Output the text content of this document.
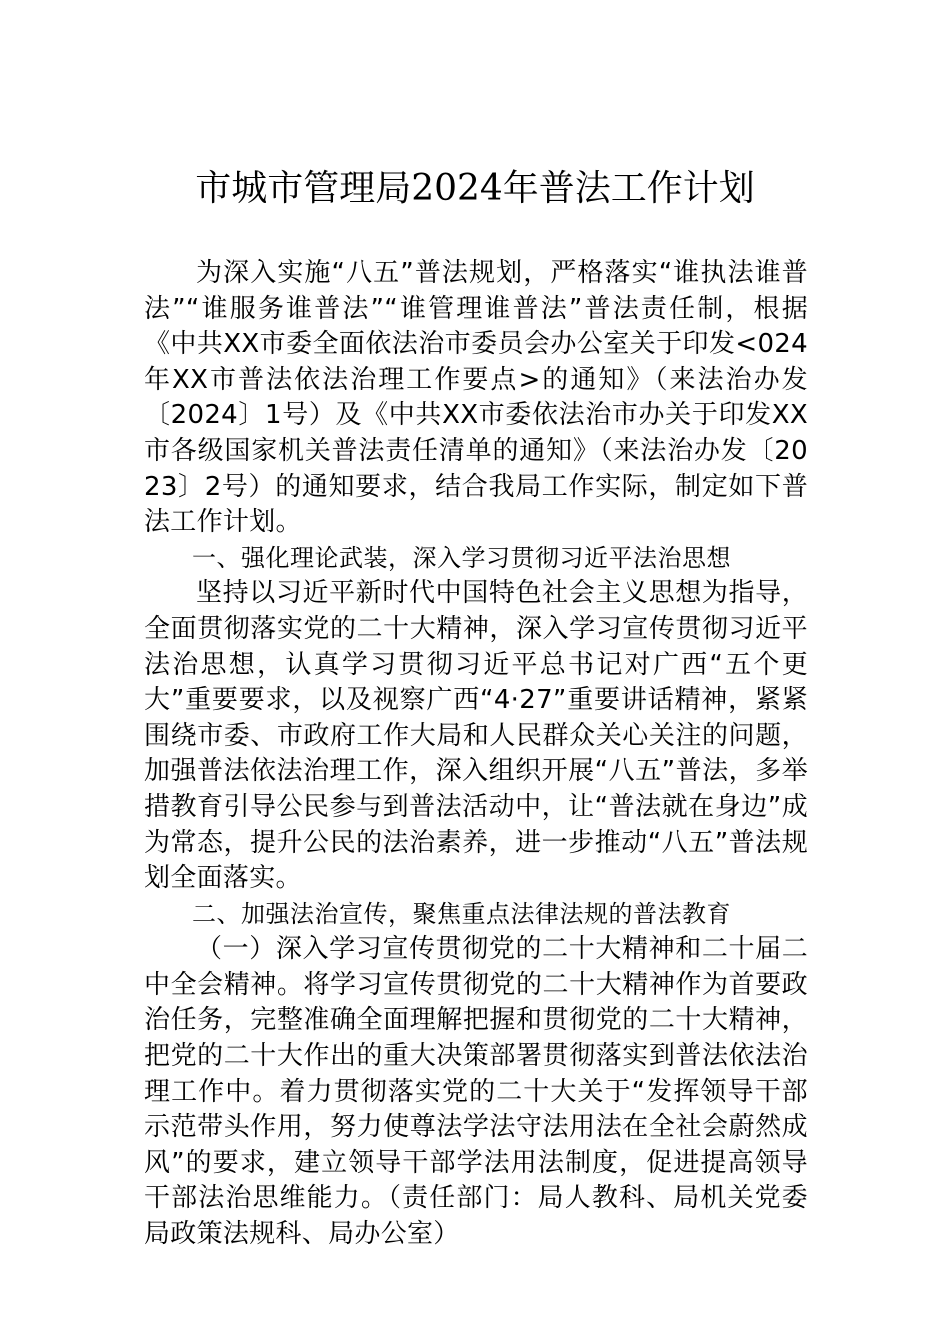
市城市管理局2024年普法工作计划

为深入实施“八五”普法规划，严格落实“谁执法谁普法”“谁服务谁普法”“谁管理谁普法”普法责任制，根据《中共XX市委全面依法治市委员会办公室关于印发<024年XX市普法依法治理工作要点>的通知》（来法治办发〔2024〕1号）及《中共XX市委依法治市办关于印发XX市各级国家机关普法责任清单的通知》（来法治办发〔2023〕2号）的通知要求，结合我局工作实际，制定如下普法工作计划。

一、强化理论武装，深入学习贯彻习近平法治思想

坚持以习近平新时代中国特色社会主义思想为指导，全面贯彻落实党的二十大精神，深入学习宣传贯彻习近平法治思想，认真学习贯彻习近平总书记对广西“五个更大”重要要求，以及视察广西“4·27”重要讲话精神，紧紧围绕市委、市政府工作大局和人民群众关心关注的问题，加强普法依法治理工作，深入组织开展“八五”普法，多举措教育引导公民参与到普法活动中，让“普法就在身边”成为常态，提升公民的法治素养，进一步推动“八五”普法规划全面落实。

二、加强法治宣传，聚焦重点法律法规的普法教育

（一）深入学习宣传贯彻党的二十大精神和二十届二中全会精神。将学习宣传贯彻党的二十大精神作为首要政治任务，完整准确全面理解把握和贯彻党的二十大精神，把党的二十大作出的重大决策部署贯彻落实到普法依法治理工作中。着力贯彻落实党的二十大关于“发挥领导干部示范带头作用，努力使尊法学法守法用法在全社会蔚然成风”的要求，建立领导干部学法用法制度，促进提高领导干部法治思维能力。（责任部门：局人教科、局机关党委局政策法规科、局办公室）
